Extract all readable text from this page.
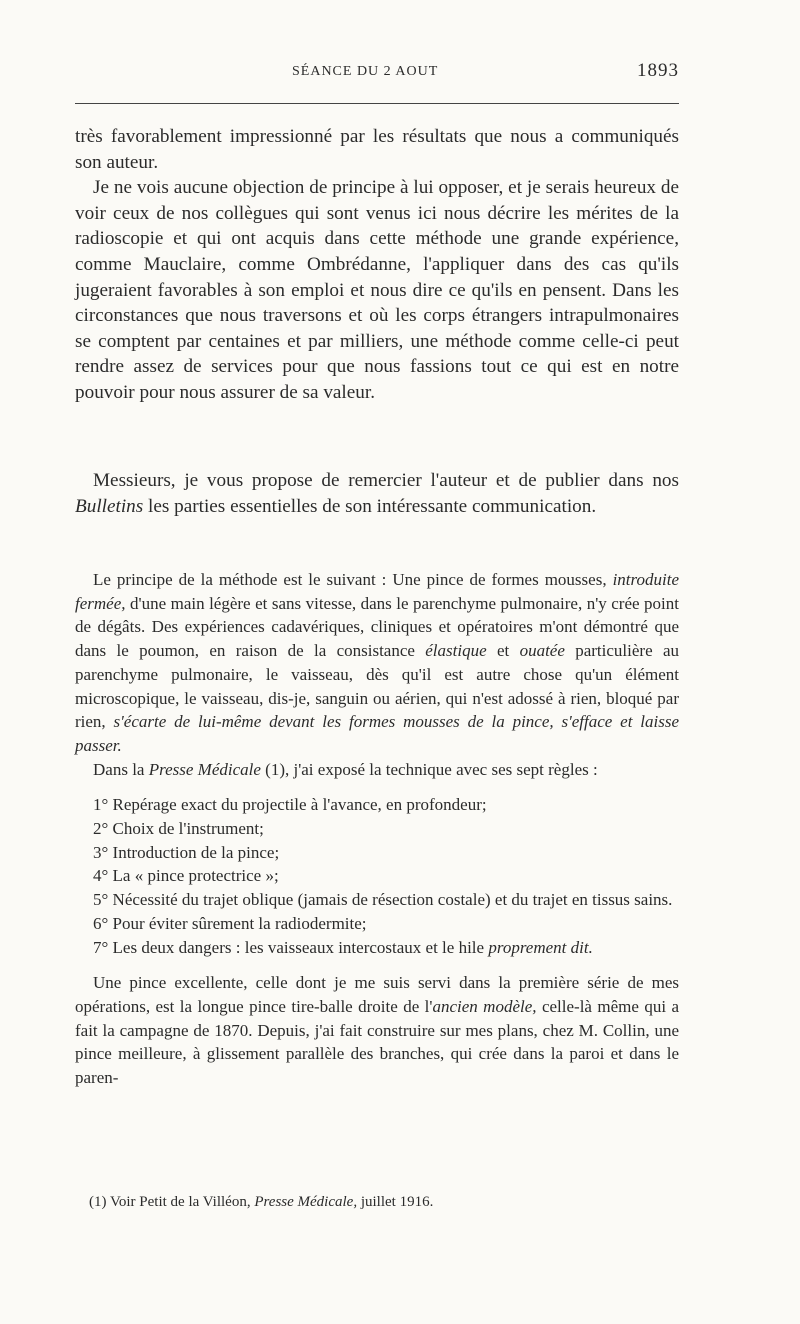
SÉANCE DU 2 AOUT	1893

très favorablement impressionné par les résultats que nous a communiqués son auteur.

Je ne vois aucune objection de principe à lui opposer, et je serais heureux de voir ceux de nos collègues qui sont venus ici nous décrire les mérites de la radioscopie et qui ont acquis dans cette méthode une grande expérience, comme Mauclaire, comme Ombrédanne, l'appliquer dans des cas qu'ils jugeraient favorables à son emploi et nous dire ce qu'ils en pensent. Dans les circonstances que nous traversons et où les corps étrangers intrapulmonaires se comptent par centaines et par milliers, une méthode comme celle-ci peut rendre assez de services pour que nous fassions tout ce qui est en notre pouvoir pour nous assurer de sa valeur.

Messieurs, je vous propose de remercier l'auteur et de publier dans nos Bulletins les parties essentielles de son intéressante communication.

Le principe de la méthode est le suivant : Une pince de formes mousses, introduite fermée, d'une main légère et sans vitesse, dans le parenchyme pulmonaire, n'y crée point de dégâts. Des expériences cadavériques, cliniques et opératoires m'ont démontré que dans le poumon, en raison de la consistance élastique et ouatée particulière au parenchyme pulmonaire, le vaisseau, dès qu'il est autre chose qu'un élément microscopique, le vaisseau, dis-je, sanguin ou aérien, qui n'est adossé à rien, bloqué par rien, s'écarte de lui-même devant les formes mousses de la pince, s'efface et laisse passer.

Dans la Presse Médicale (1), j'ai exposé la technique avec ses sept règles :

1° Repérage exact du projectile à l'avance, en profondeur;

2° Choix de l'instrument;

3° Introduction de la pince;

4° La « pince protectrice »;

5° Nécessité du trajet oblique (jamais de résection costale) et du trajet en tissus sains.

6° Pour éviter sûrement la radiodermite;

7° Les deux dangers : les vaisseaux intercostaux et le hile proprement dit.

Une pince excellente, celle dont je me suis servi dans la première série de mes opérations, est la longue pince tire-balle droite de l'ancien modèle, celle-là même qui a fait la campagne de 1870. Depuis, j'ai fait construire sur mes plans, chez M. Collin, une pince meilleure, à glissement parallèle des branches, qui crée dans la paroi et dans le paren-

(1) Voir Petit de la Villéon, Presse Médicale, juillet 1916.
